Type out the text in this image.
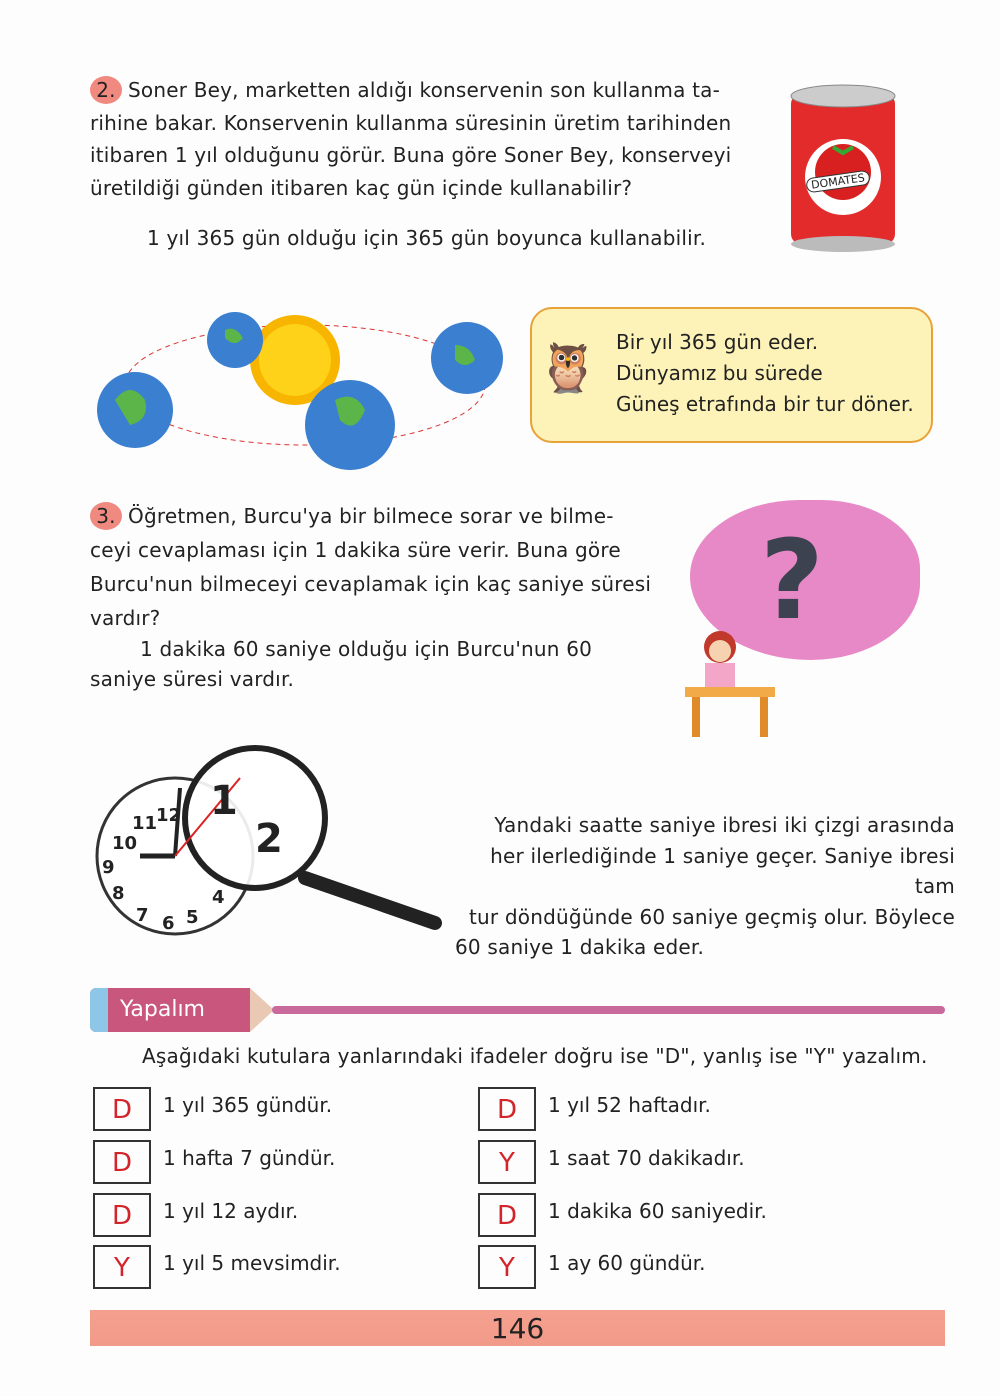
2. Soner Bey, marketten aldığı konservenin son kullanma ta-
rihine bakar. Konservenin kullanma süresinin üretim tarihinden
itibaren 1 yıl olduğunu görür. Buna göre Soner Bey, konserveyi
üretildiği günden itibaren kaç gün içinde kullanabilir?
1 yıl 365 gün olduğu için 365 gün boyunca kullanabilir.
DOMATES
🦉 Bir yıl 365 gün eder.
Dünyamız bu sürede
Güneş etrafında bir tur döner.
3. Öğretmen, Burcu'ya bir bilmece sorar ve bilme-
ceyi cevaplaması için 1 dakika süre verir. Buna göre
Burcu'nun bilmeceyi cevaplamak için kaç saniye süresi
vardır?
1 dakika 60 saniye olduğu için Burcu'nun 60
saniye süresi vardır.
?
11
12
10
9
8
7 6 5
4
1
2	Yandaki saatte saniye ibresi iki çizgi arasında
her ilerlediğinde 1 saniye geçer. Saniye ibresi tam
tur döndüğünde 60 saniye geçmiş olur. Böylece
60 saniye 1 dakika eder.
Yapalım
Aşağıdaki kutulara yanlarındaki ifadeler doğru ise "D", yanlış ise "Y" yazalım.
D	1 yıl 365 gündür.	D	1 yıl 52 haftadır.
D	1 hafta 7 gündür.	Y	1 saat 70 dakikadır.
D	1 yıl 12 aydır.	D	1 dakika 60 saniyedir.
Y	1 yıl 5 mevsimdir.	Y	1 ay 60 gündür.
146
